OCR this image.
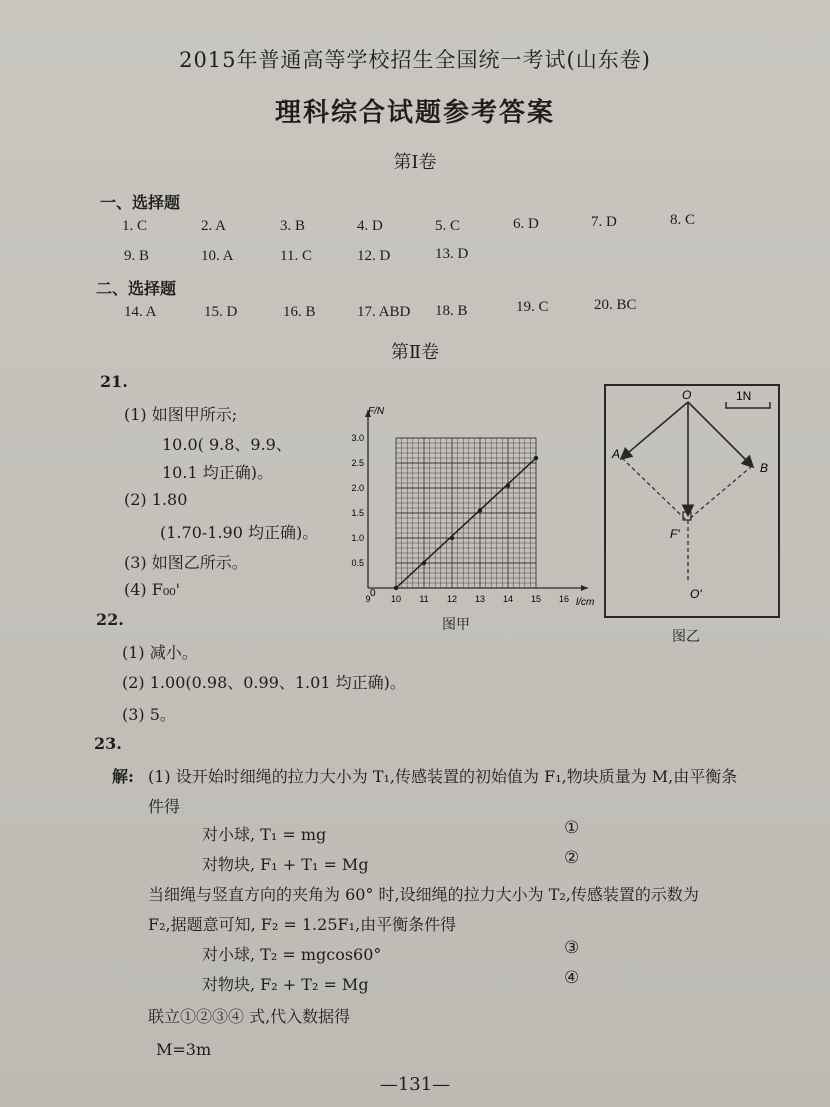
2015年普通高等学校招生全国统一考试(山东卷)
理科综合试题参考答案
第Ⅰ卷
一、选择题
1. C	2. A	3. B	4. D	5. C	6. D	7. D	8. C
9. B	10. A	11. C	12. D	13. D
二、选择题
14. A	15. D	16. B	17. ABD 18. B	19. C	20. BC
第Ⅱ卷
21.
(1) 如图甲所示;
10.0( 9.8、9.9、
10.1 均正确)。
(2) 1.80
(1.70-1.90 均正确)。
(3) 如图乙所示。
(4) F₀₀'
0.5
1.0
1.5
2.0
2.5
3.0
9 10 11 12 13 14 15 16
0
F/N
l/cm
图甲
1N
O
A
B
F'
O'
图乙
22.
(1) 减小。
(2) 1.00(0.98、0.99、1.01 均正确)。
(3) 5。
23.
解: (1) 设开始时细绳的拉力大小为 T₁,传感装置的初始值为 F₁,物块质量为 M,由平衡条
件得
对小球, T₁ = mg	①
对物块, F₁ + T₁ = Mg	②
当细绳与竖直方向的夹角为 60° 时,设细绳的拉力大小为 T₂,传感装置的示数为
F₂,据题意可知, F₂ = 1.25F₁,由平衡条件得
对小球, T₂ = mgcos60°	③
对物块, F₂ + T₂ = Mg	④
联立①②③④ 式,代入数据得
M=3m
—131—
